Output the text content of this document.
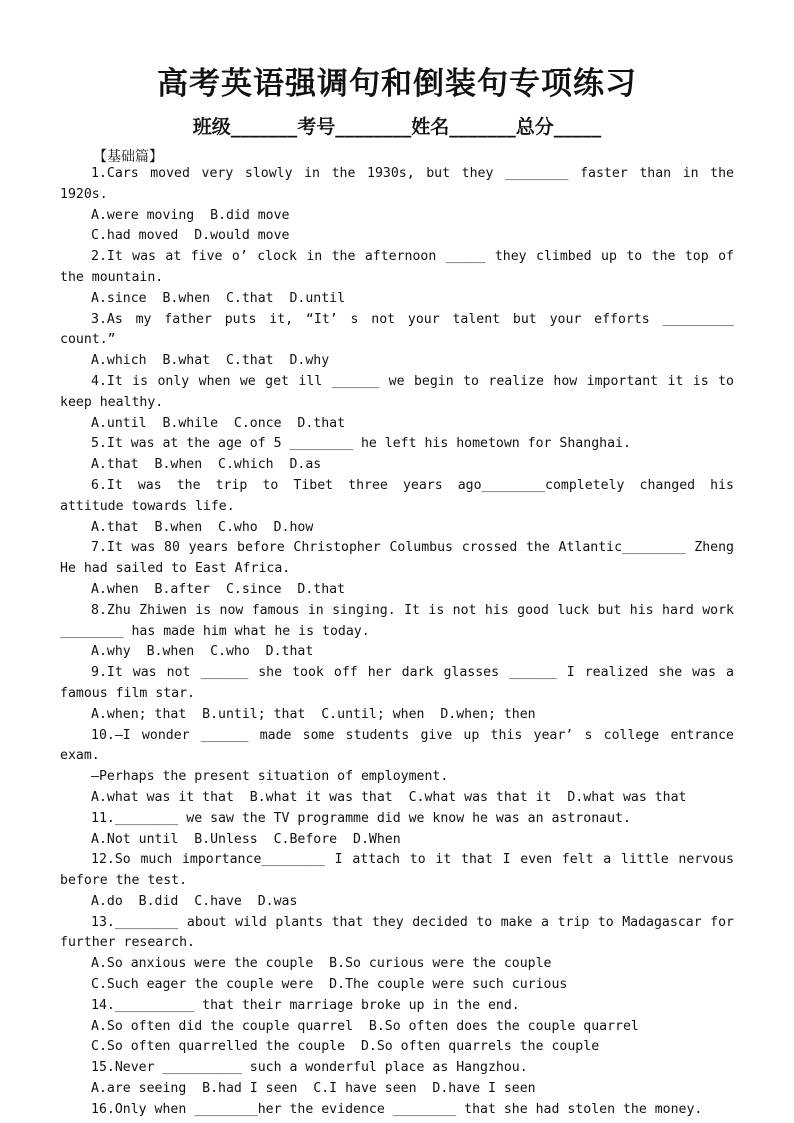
高考英语强调句和倒装句专项练习
班级_______考号________姓名_______总分_____
【基础篇】

1.Cars moved very slowly in the 1930s, but they ________ faster than in the 1920s.

A.were moving  B.did move

C.had moved  D.would move

2.It was at five o’ clock in the afternoon _____ they climbed up to the top of the mountain.

A.since  B.when  C.that  D.until

3.As my father puts it, “It’ s not your talent but your efforts _________ count.”

A.which  B.what  C.that  D.why

4.It is only when we get ill ______ we begin to realize how important it is to keep healthy.

A.until  B.while  C.once  D.that

5.It was at the age of 5 ________ he left his hometown for Shanghai.

A.that  B.when  C.which  D.as

6.It was the trip to Tibet three years ago________completely changed his attitude towards life.

A.that  B.when  C.who  D.how

7.It was 80 years before Christopher Columbus crossed the Atlantic________ Zheng He had sailed to East Africa.

A.when  B.after  C.since  D.that

8.Zhu Zhiwen is now famous in singing. It is not his good luck but his hard work ________ has made him what he is today.

A.why  B.when  C.who  D.that

9.It was not ______ she took off her dark glasses ______ I realized she was a famous film star.

A.when; that  B.until; that  C.until; when  D.when; then

10.—I wonder ______ made some students give up this year’ s college entrance exam.

—Perhaps the present situation of employment.

A.what was it that  B.what it was that  C.what was that it  D.what was that

11.________ we saw the TV programme did we know he was an astronaut.

A.Not until  B.Unless  C.Before  D.When

12.So much importance________ I attach to it that I even felt a little nervous before the test.

A.do  B.did  C.have  D.was

13.________ about wild plants that they decided to make a trip to Madagascar for further research.

A.So anxious were the couple  B.So curious were the couple

C.Such eager the couple were  D.The couple were such curious

14.__________ that their marriage broke up in the end.

A.So often did the couple quarrel  B.So often does the couple quarrel

C.So often quarrelled the couple  D.So often quarrels the couple

15.Never __________ such a wonderful place as Hangzhou.

A.are seeing  B.had I seen  C.I have seen  D.have I seen

16.Only when ________her the evidence ________ that she had stolen the money.
